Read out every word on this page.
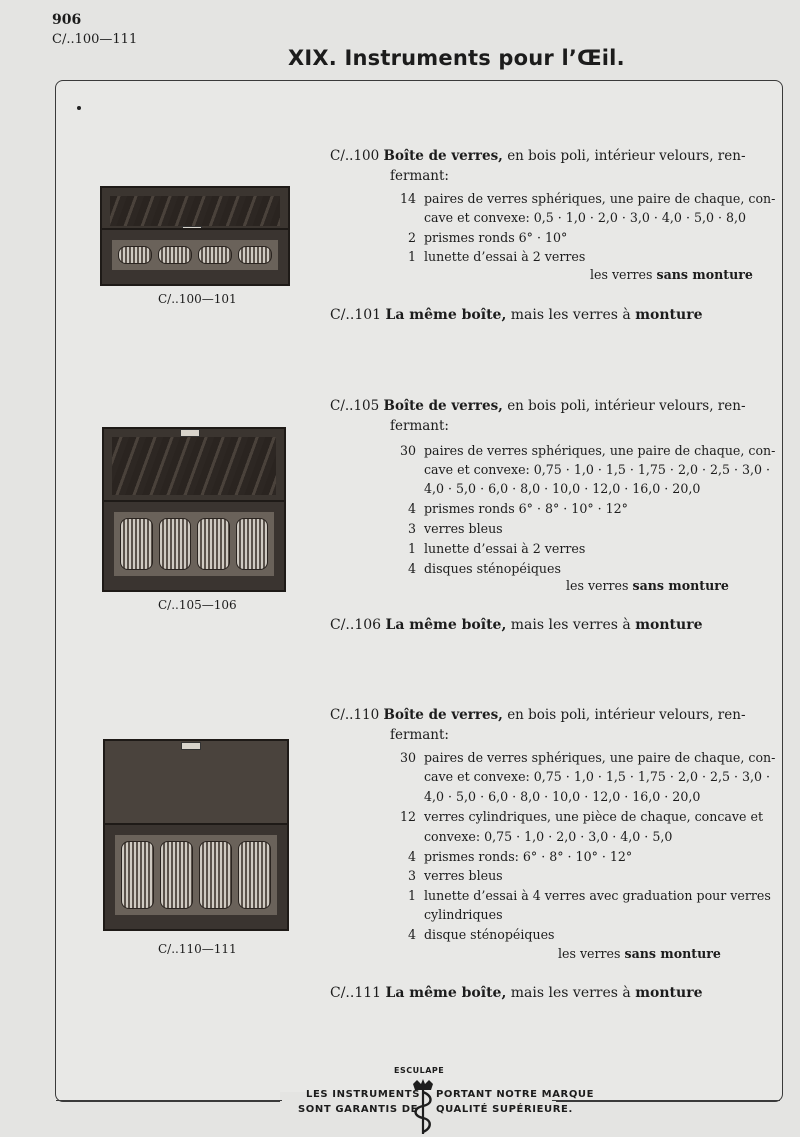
906
C/..100—111
XIX. Instruments pour l’Œil.
C/..100—101
C/..100 Boîte de verres, en bois poli, intérieur velours, ren-
fermant:
14 paires de verres sphériques, une paire de chaque, con-
cave et convexe: 0,5 · 1,0 · 2,0 · 3,0 · 4,0 · 5,0 · 8,0
2 prismes ronds 6° · 10°
1 lunette d’essai à 2 verres
les verres sans monture
C/..101 La même boîte, mais les verres à monture
C/..105—106
C/..105 Boîte de verres, en bois poli, intérieur velours, ren-
fermant:
30 paires de verres sphériques, une paire de chaque, con-
cave et convexe: 0,75 · 1,0 · 1,5 · 1,75 · 2,0 · 2,5 · 3,0 ·
4,0 · 5,0 · 6,0 · 8,0 · 10,0 · 12,0 · 16,0 · 20,0
4 prismes ronds 6° · 8° · 10° · 12°
3 verres bleus
1 lunette d’essai à 2 verres
4 disques sténopéiques
les verres sans monture
C/..106 La même boîte, mais les verres à monture
C/..110—111
C/..110 Boîte de verres, en bois poli, intérieur velours, ren-
fermant:
30 paires de verres sphériques, une paire de chaque, con-
cave et convexe: 0,75 · 1,0 · 1,5 · 1,75 · 2,0 · 2,5 · 3,0 ·
4,0 · 5,0 · 6,0 · 8,0 · 10,0 · 12,0 · 16,0 · 20,0
12 verres cylindriques, une pièce de chaque, concave et
convexe: 0,75 · 1,0 · 2,0 · 3,0 · 4,0 · 5,0
4 prismes ronds: 6° · 8° · 10° · 12°
3 verres bleus
1 lunette d’essai à 4 verres avec graduation pour verres
cylindriques
4 disque sténopéiques
les verres sans monture
C/..111 La même boîte, mais les verres à monture
ESCULAPE
LES INSTRUMENTS
SONT GARANTIS DE
PORTANT NOTRE MARQUE
QUALITÉ SUPÉRIEURE.
